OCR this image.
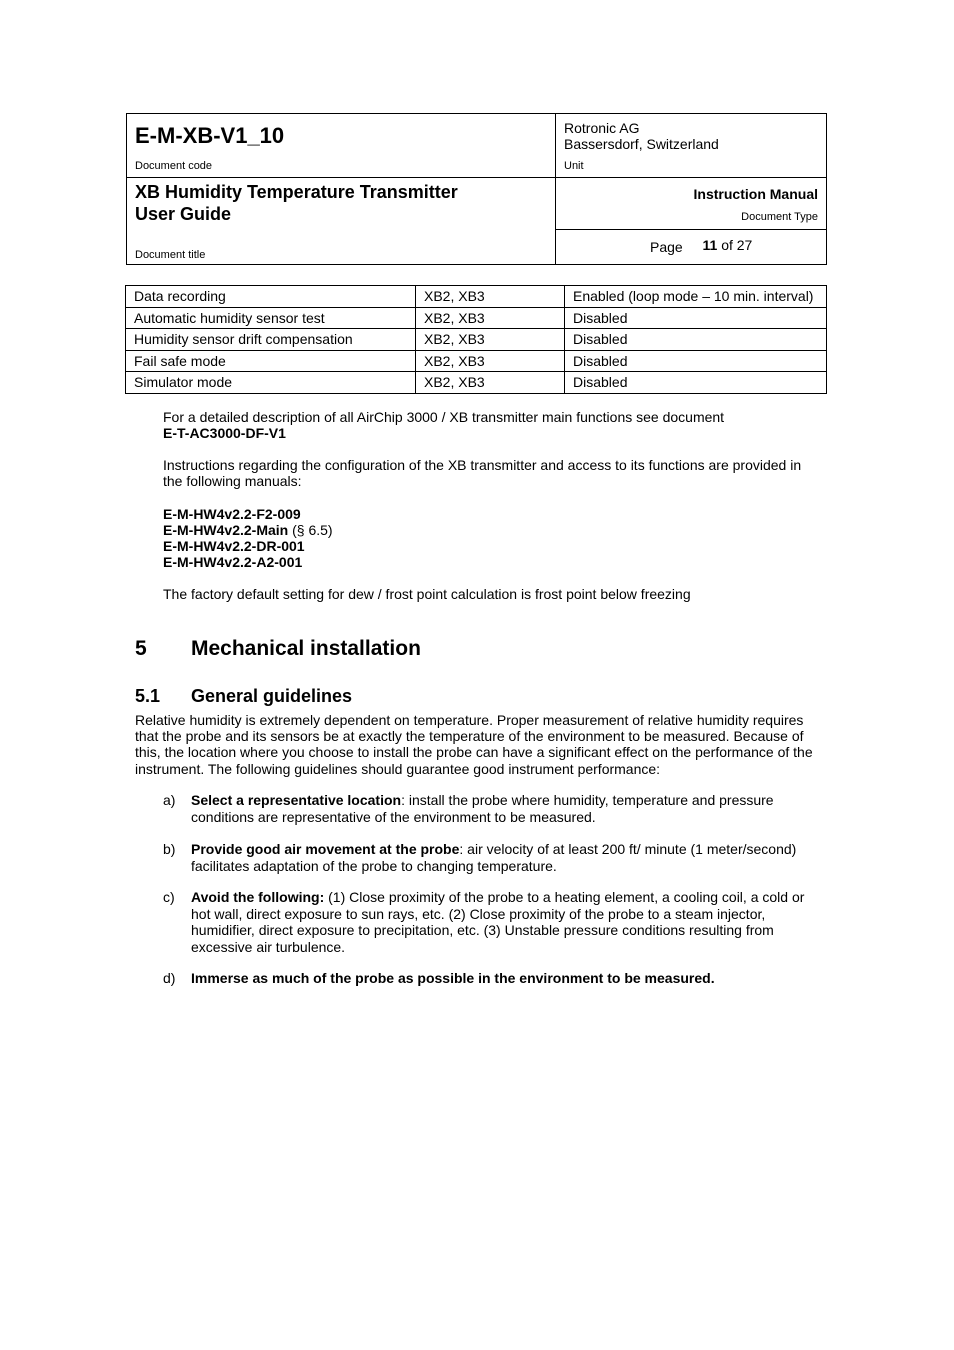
E-M-XB-V1_10
Document code
XB Humidity Temperature Transmitter
User Guide
Document title
Rotronic AG
Bassersdorf, Switzerland
Unit
Instruction Manual
Document Type
Page 11 of 27
Data recording	XB2, XB3	Enabled (loop mode – 10 min. interval)
Automatic humidity sensor test	XB2, XB3	Disabled
Humidity sensor drift compensation	XB2, XB3	Disabled
Fail safe mode	XB2, XB3	Disabled
Simulator mode	XB2, XB3	Disabled
For a detailed description of all AirChip 3000 / XB transmitter main functions see document
E-T-AC3000-DF-V1
Instructions regarding the configuration of the XB transmitter and access to its functions are provided in the following manuals:
E-M-HW4v2.2-F2-009
E-M-HW4v2.2-Main (§ 6.5)
E-M-HW4v2.2-DR-001
E-M-HW4v2.2-A2-001
The factory default setting for dew / frost point calculation is frost point below freezing
5 Mechanical installation
5.1 General guidelines
Relative humidity is extremely dependent on temperature. Proper measurement of relative humidity requires that the probe and its sensors be at exactly the temperature of the environment to be measured. Because of this, the location where you choose to install the probe can have a significant effect on the performance of the instrument. The following guidelines should guarantee good instrument performance:
a) Select a representative location: install the probe where humidity, temperature and pressure conditions are representative of the environment to be measured.
b) Provide good air movement at the probe: air velocity of at least 200 ft/ minute (1 meter/second) facilitates adaptation of the probe to changing temperature.
c) Avoid the following: (1) Close proximity of the probe to a heating element, a cooling coil, a cold or hot wall, direct exposure to sun rays, etc. (2) Close proximity of the probe to a steam injector, humidifier, direct exposure to precipitation, etc. (3) Unstable pressure conditions resulting from excessive air turbulence.
d) Immerse as much of the probe as possible in the environment to be measured.
